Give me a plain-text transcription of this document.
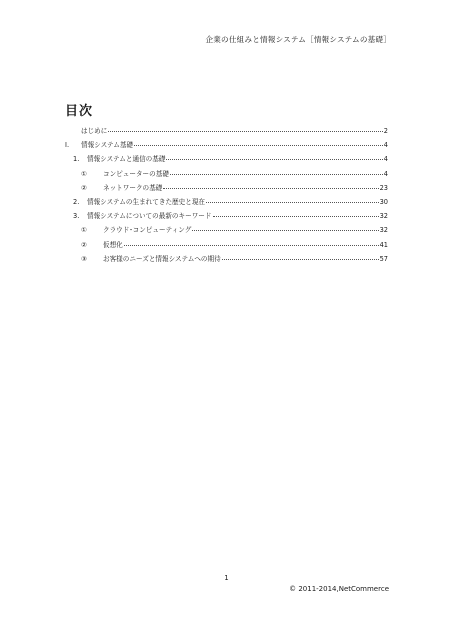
企業の仕組みと情報システム［情報システムの基礎］
目次
はじめに	2
I.	情報システム基礎	4
1.	情報システムと通信の基礎	4
①	コンピューターの基礎	4
②	ネットワークの基礎	23
2.	情報システムの生まれてきた歴史と現在	30
3.	情報システムについての最新のキーワード	32
①	クラウド･コンピューティング	32
②	仮想化	41
③	お客様のニーズと情報システムへの期待	57
1
© 2011-2014,NetCommerce
